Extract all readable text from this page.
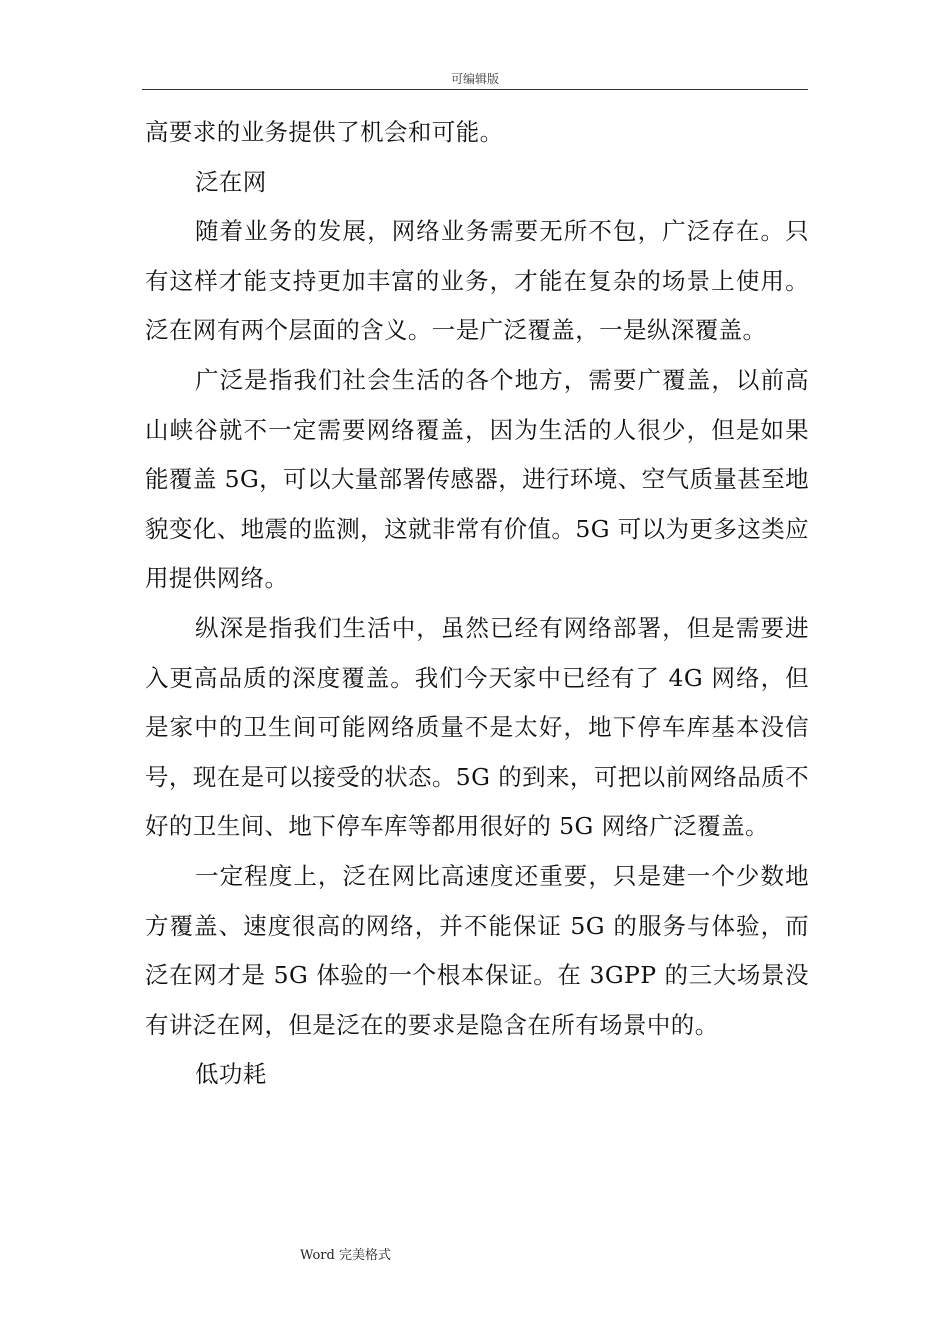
可编辑版

高要求的业务提供了机会和可能。

泛在网

随着业务的发展，网络业务需要无所不包，广泛存在。只有这样才能支持更加丰富的业务，才能在复杂的场景上使用。泛在网有两个层面的含义。一是广泛覆盖，一是纵深覆盖。

广泛是指我们社会生活的各个地方，需要广覆盖，以前高山峡谷就不一定需要网络覆盖，因为生活的人很少，但是如果能覆盖 5G，可以大量部署传感器，进行环境、空气质量甚至地貌变化、地震的监测，这就非常有价值。5G 可以为更多这类应用提供网络。

纵深是指我们生活中，虽然已经有网络部署，但是需要进入更高品质的深度覆盖。我们今天家中已经有了 4G 网络，但是家中的卫生间可能网络质量不是太好，地下停车库基本没信号，现在是可以接受的状态。5G 的到来，可把以前网络品质不好的卫生间、地下停车库等都用很好的 5G 网络广泛覆盖。

一定程度上，泛在网比高速度还重要，只是建一个少数地方覆盖、速度很高的网络，并不能保证 5G 的服务与体验，而泛在网才是 5G 体验的一个根本保证。在 3GPP 的三大场景没有讲泛在网，但是泛在的要求是隐含在所有场景中的。

低功耗

Word 完美格式
